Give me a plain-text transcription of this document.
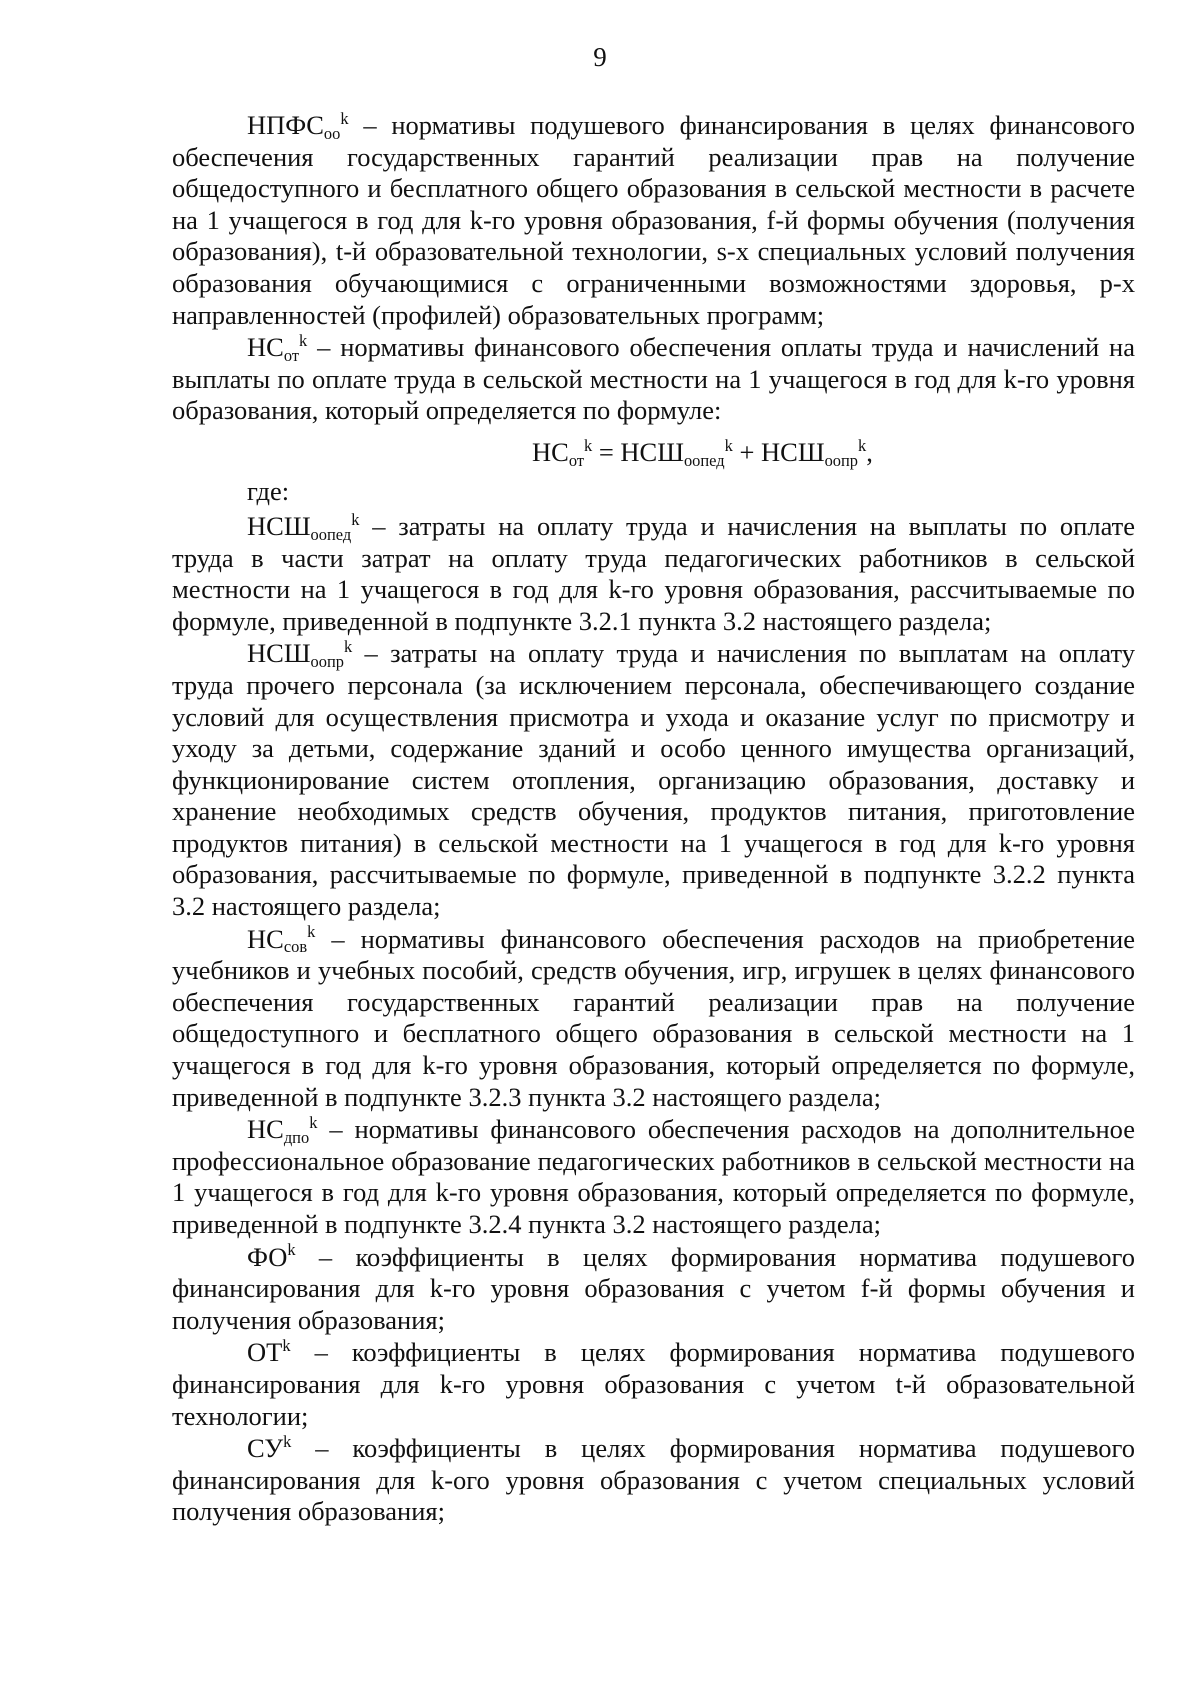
9

$НПФС_{оо}^k$ – нормативы подушевого финансирования в целях финансового обеспечения государственных гарантий реализации прав на получение общедоступного и бесплатного общего образования в сельской местности в расчете на 1 учащегося в год для k-го уровня образования, f-й формы обучения (получения образования), t-й образовательной технологии, s-х специальных условий получения образования обучающимися с ограниченными возможностями здоровья, p-х направленностей (профилей) образовательных программ;

$НС_{от}^k$ – нормативы финансового обеспечения оплаты труда и начислений на выплаты по оплате труда в сельской местности на 1 учащегося в год для k-го уровня образования, который определяется по формуле:

$НС_{от}^k = НСШ_{оопед}^k + НСШ_{оопр}^k$,

где:

$НСШ_{оопед}^k$ – затраты на оплату труда и начисления на выплаты по оплате труда в части затрат на оплату труда педагогических работников в сельской местности на 1 учащегося в год для k-го уровня образования, рассчитываемые по формуле, приведенной в подпункте 3.2.1 пункта 3.2 настоящего раздела;

$НСШ_{оопр}^k$ – затраты на оплату труда и начисления по выплатам на оплату труда прочего персонала (за исключением персонала, обеспечивающего создание условий для осуществления присмотра и ухода и оказание услуг по присмотру и уходу за детьми, содержание зданий и особо ценного имущества организаций, функционирование систем отопления, организацию образования, доставку и хранение необходимых средств обучения, продуктов питания, приготовление продуктов питания) в сельской местности на 1 учащегося в год для k-го уровня образования, рассчитываемые по формуле, приведенной в подпункте 3.2.2 пункта 3.2 настоящего раздела;

$НС_{сов}^k$ – нормативы финансового обеспечения расходов на приобретение учебников и учебных пособий, средств обучения, игр, игрушек в целях финансового обеспечения государственных гарантий реализации прав на получение общедоступного и бесплатного общего образования в сельской местности на 1 учащегося в год для k-го уровня образования, который определяется по формуле, приведенной в подпункте 3.2.3 пункта 3.2 настоящего раздела;

$НС_{дпо}^k$ – нормативы финансового обеспечения расходов на дополнительное профессиональное образование педагогических работников в сельской местности на 1 учащегося в год для k-го уровня образования, который определяется по формуле, приведенной в подпункте 3.2.4 пункта 3.2 настоящего раздела;

$ФО^k$ – коэффициенты в целях формирования норматива подушевого финансирования для k-го уровня образования с учетом f-й формы обучения и получения образования;

$ОТ^k$ – коэффициенты в целях формирования норматива подушевого финансирования для k-го уровня образования с учетом t-й образовательной технологии;

$СУ^k$ – коэффициенты в целях формирования норматива подушевого финансирования для k-ого уровня образования с учетом специальных условий получения образования;
